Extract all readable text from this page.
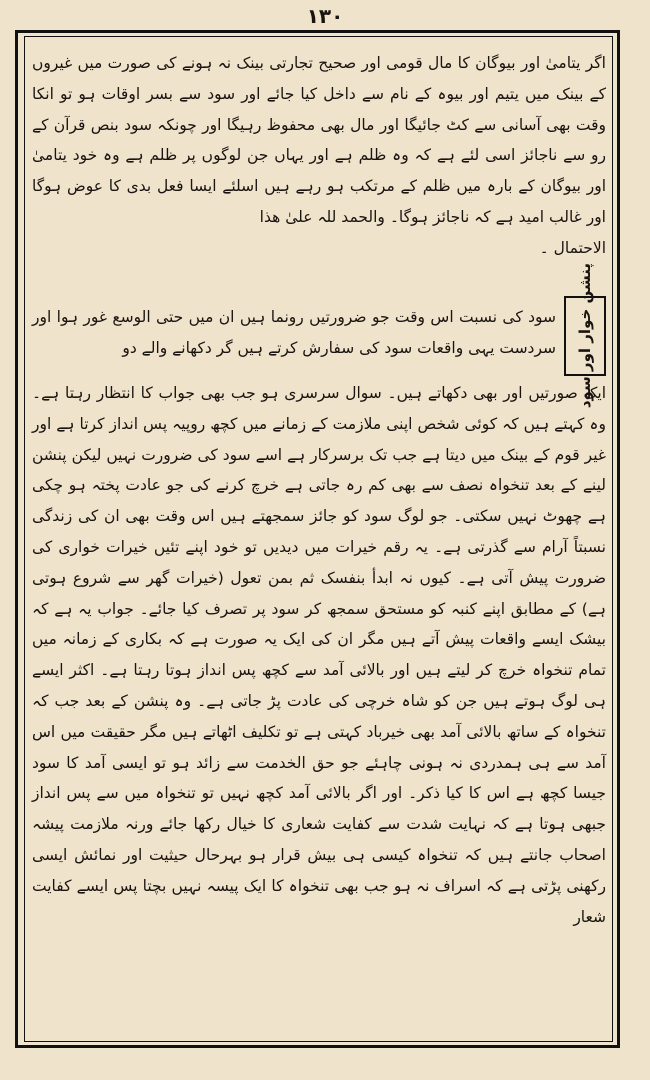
۱۳۰

اگر یتامیٰ اور بیوگان کا مال قومی اور صحیح تجارتی بینک نہ ہونے کی صورت میں غیروں کے بینک میں یتیم اور بیوہ کے نام سے داخل کیا جائے اور سود سے بسر اوقات ہو تو انکا وقت بھی آسانی سے کٹ جائیگا اور مال بھی محفوظ رہیگا اور چونکہ سود بنص قرآن کے رو سے ناجائز اسی لئے ہے کہ وہ ظلم ہے اور یہاں جن لوگوں پر ظلم ہے وہ خود یتامیٰ اور بیوگان کے بارہ میں ظلم کے مرتکب ہو رہے ہیں اسلئے ایسا فعل بدی کا عوض ہوگا اور غالب امید ہے کہ ناجائز ہوگا۔ والحمد للہ علیٰ ھذا

الاحتمال ۔

پنشن خوار اور سود
سود کی نسبت اس وقت جو ضرورتیں رونما ہیں ان میں حتی الوسع غور ہوا اور سردست یہی واقعات سود کی سفارش کرتے ہیں گر دکھانے والے دو
ایک صورتیں اور بھی دکھاتے ہیں۔ سوال سرسری ہو جب بھی جواب کا انتظار رہتا ہے۔ وہ کہتے ہیں کہ کوئی شخص اپنی ملازمت کے زمانے میں کچھ روپیہ پس انداز کرتا ہے اور غیر قوم کے بینک میں دیتا ہے جب تک برسرکار ہے اسے سود کی ضرورت نہیں لیکن پنشن لینے کے بعد تنخواہ نصف سے بھی کم رہ جاتی ہے خرچ کرنے کی جو عادت پختہ ہو چکی ہے چھوٹ نہیں سکتی۔ جو لوگ سود کو جائز سمجھتے ہیں اس وقت بھی ان کی زندگی نسبتاً آرام سے گذرتی ہے۔ یہ رقم خیرات میں دیدیں تو خود اپنے تئیں خیرات خواری کی ضرورت پیش آتی ہے۔ کیوں نہ ابدأ بنفسک ثم بمن تعول (خیرات گھر سے شروع ہوتی ہے) کے مطابق اپنے کنبہ کو مستحق سمجھ کر سود پر تصرف کیا جائے۔ جواب یہ ہے کہ بیشک ایسے واقعات پیش آتے ہیں مگر ان کی ایک یہ صورت ہے کہ بکاری کے زمانہ میں تمام تنخواہ خرچ کر لیتے ہیں اور بالائی آمد سے کچھ پس انداز ہوتا رہتا ہے۔ اکثر ایسے ہی لوگ ہوتے ہیں جن کو شاہ خرچی کی عادت پڑ جاتی ہے۔ وہ پنشن کے بعد جب کہ تنخواہ کے ساتھ بالائی آمد بھی خیرباد کہتی ہے تو تکلیف اٹھاتے ہیں مگر حقیقت میں اس آمد سے ہی ہمدردی نہ ہونی چاہئے جو حق الخدمت سے زائد ہو تو ایسی آمد کا سود جیسا کچھ ہے اس کا کیا ذکر۔ اور اگر بالائی آمد کچھ نہیں تو تنخواہ میں سے پس انداز جبھی ہوتا ہے کہ نہایت شدت سے کفایت شعاری کا خیال رکھا جائے ورنہ ملازمت پیشہ اصحاب جانتے ہیں کہ تنخواہ کیسی ہی بیش قرار ہو بہرحال حیثیت اور نمائش ایسی رکھنی پڑتی ہے کہ اسراف نہ ہو جب بھی تنخواہ کا ایک پیسہ نہیں بچتا پس ایسے کفایت شعار
